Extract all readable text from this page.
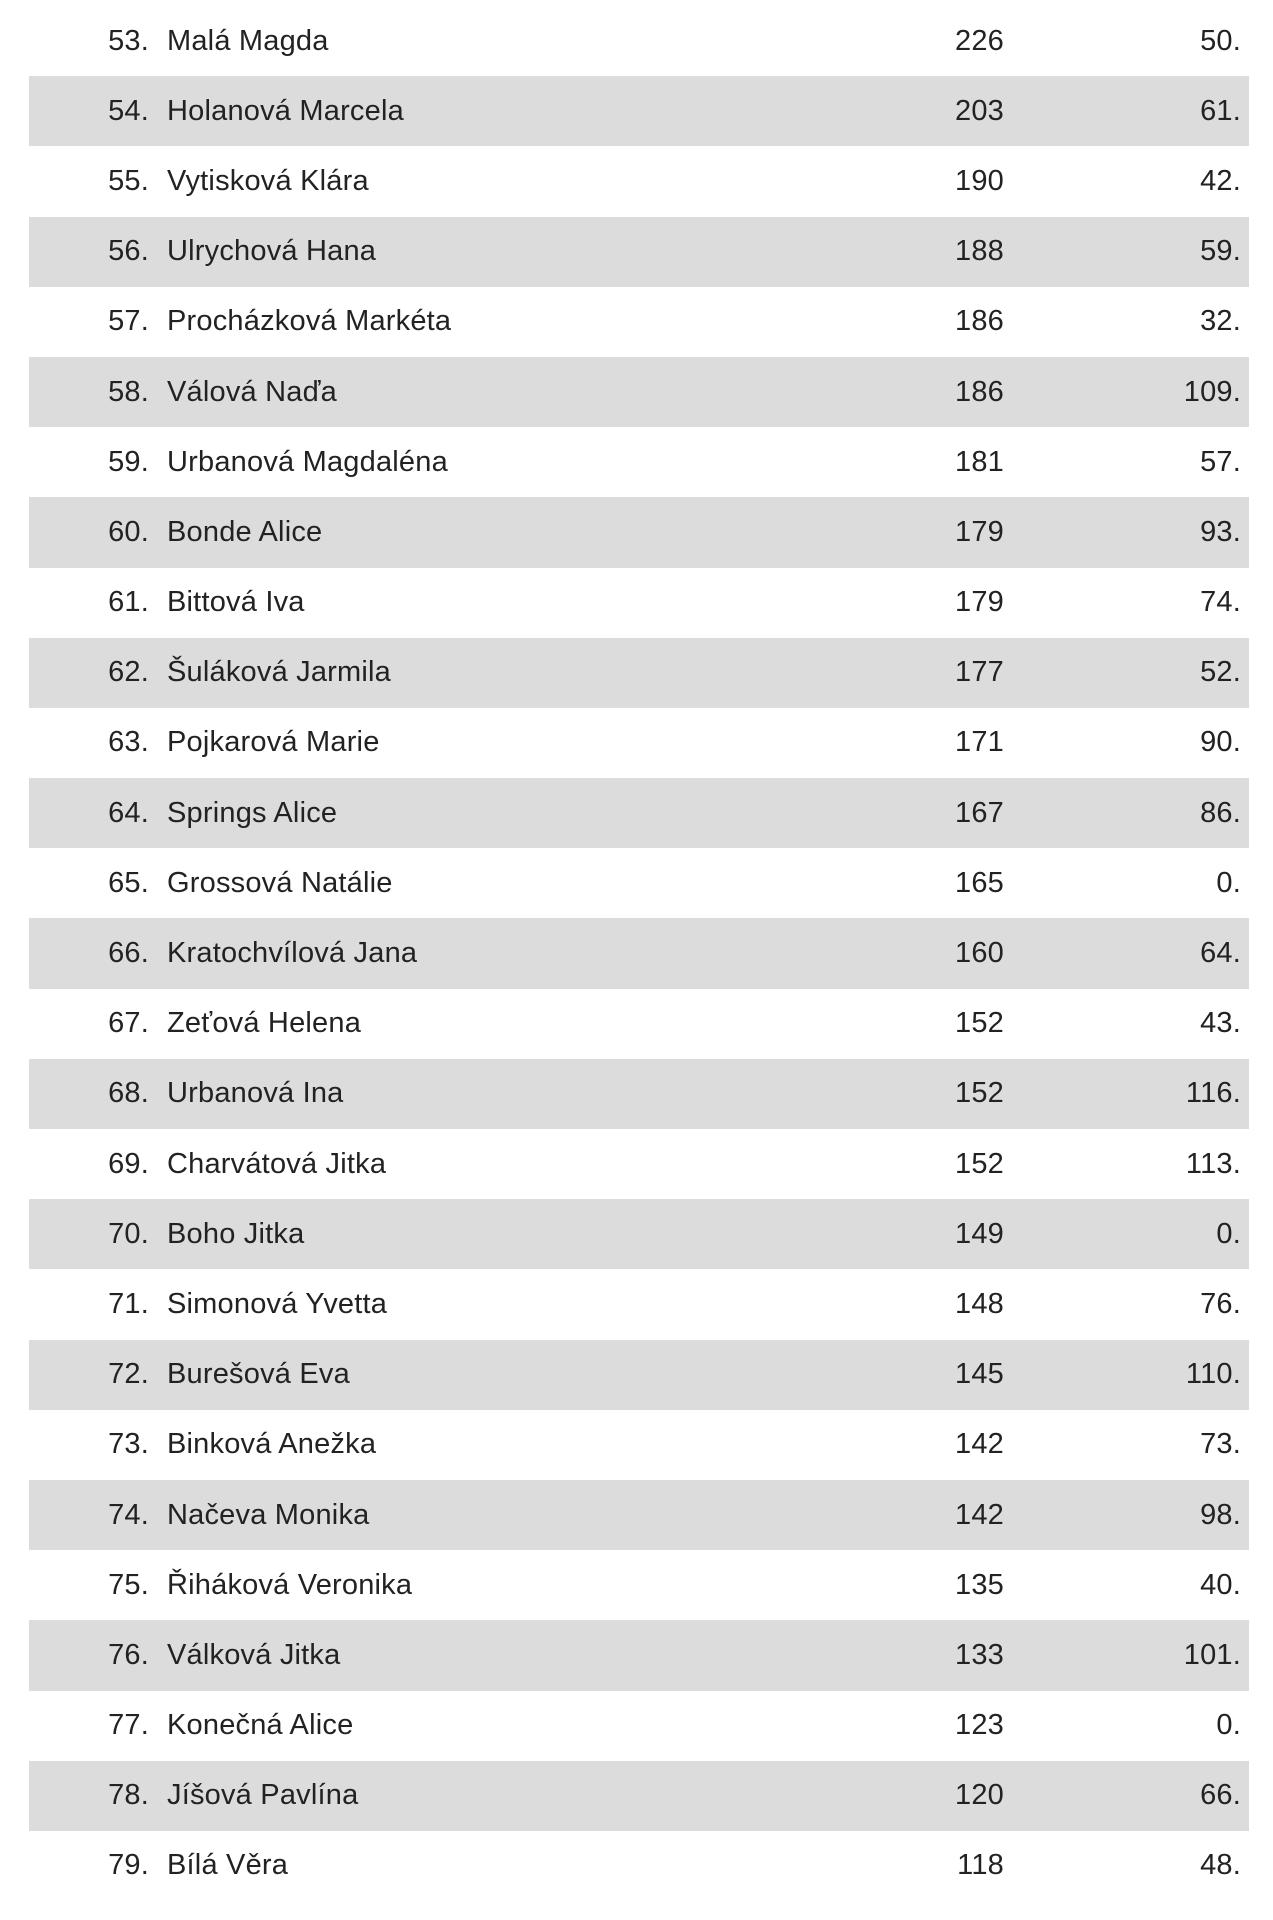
53. Malá Magda	226	50.
54. Holanová Marcela	203	61.
55. Vytisková Klára	190	42.
56. Ulrychová Hana	188	59.
57. Procházková Markéta	186	32.
58. Válová Naďa	186	109.
59. Urbanová Magdaléna	181	57.
60. Bonde Alice	179	93.
61. Bittová Iva	179	74.
62. Šuláková Jarmila	177	52.
63. Pojkarová Marie	171	90.
64. Springs Alice	167	86.
65. Grossová Natálie	165	0.
66. Kratochvílová Jana	160	64.
67. Zeťová Helena	152	43.
68. Urbanová Ina	152	116.
69. Charvátová Jitka	152	113.
70. Boho Jitka	149	0.
71. Simonová Yvetta	148	76.
72. Burešová Eva	145	110.
73. Binková Anežka	142	73.
74. Načeva Monika	142	98.
75. Řiháková Veronika	135	40.
76. Válková Jitka	133	101.
77. Konečná Alice	123	0.
78. Jíšová Pavlína	120	66.
79. Bílá Věra	118	48.
